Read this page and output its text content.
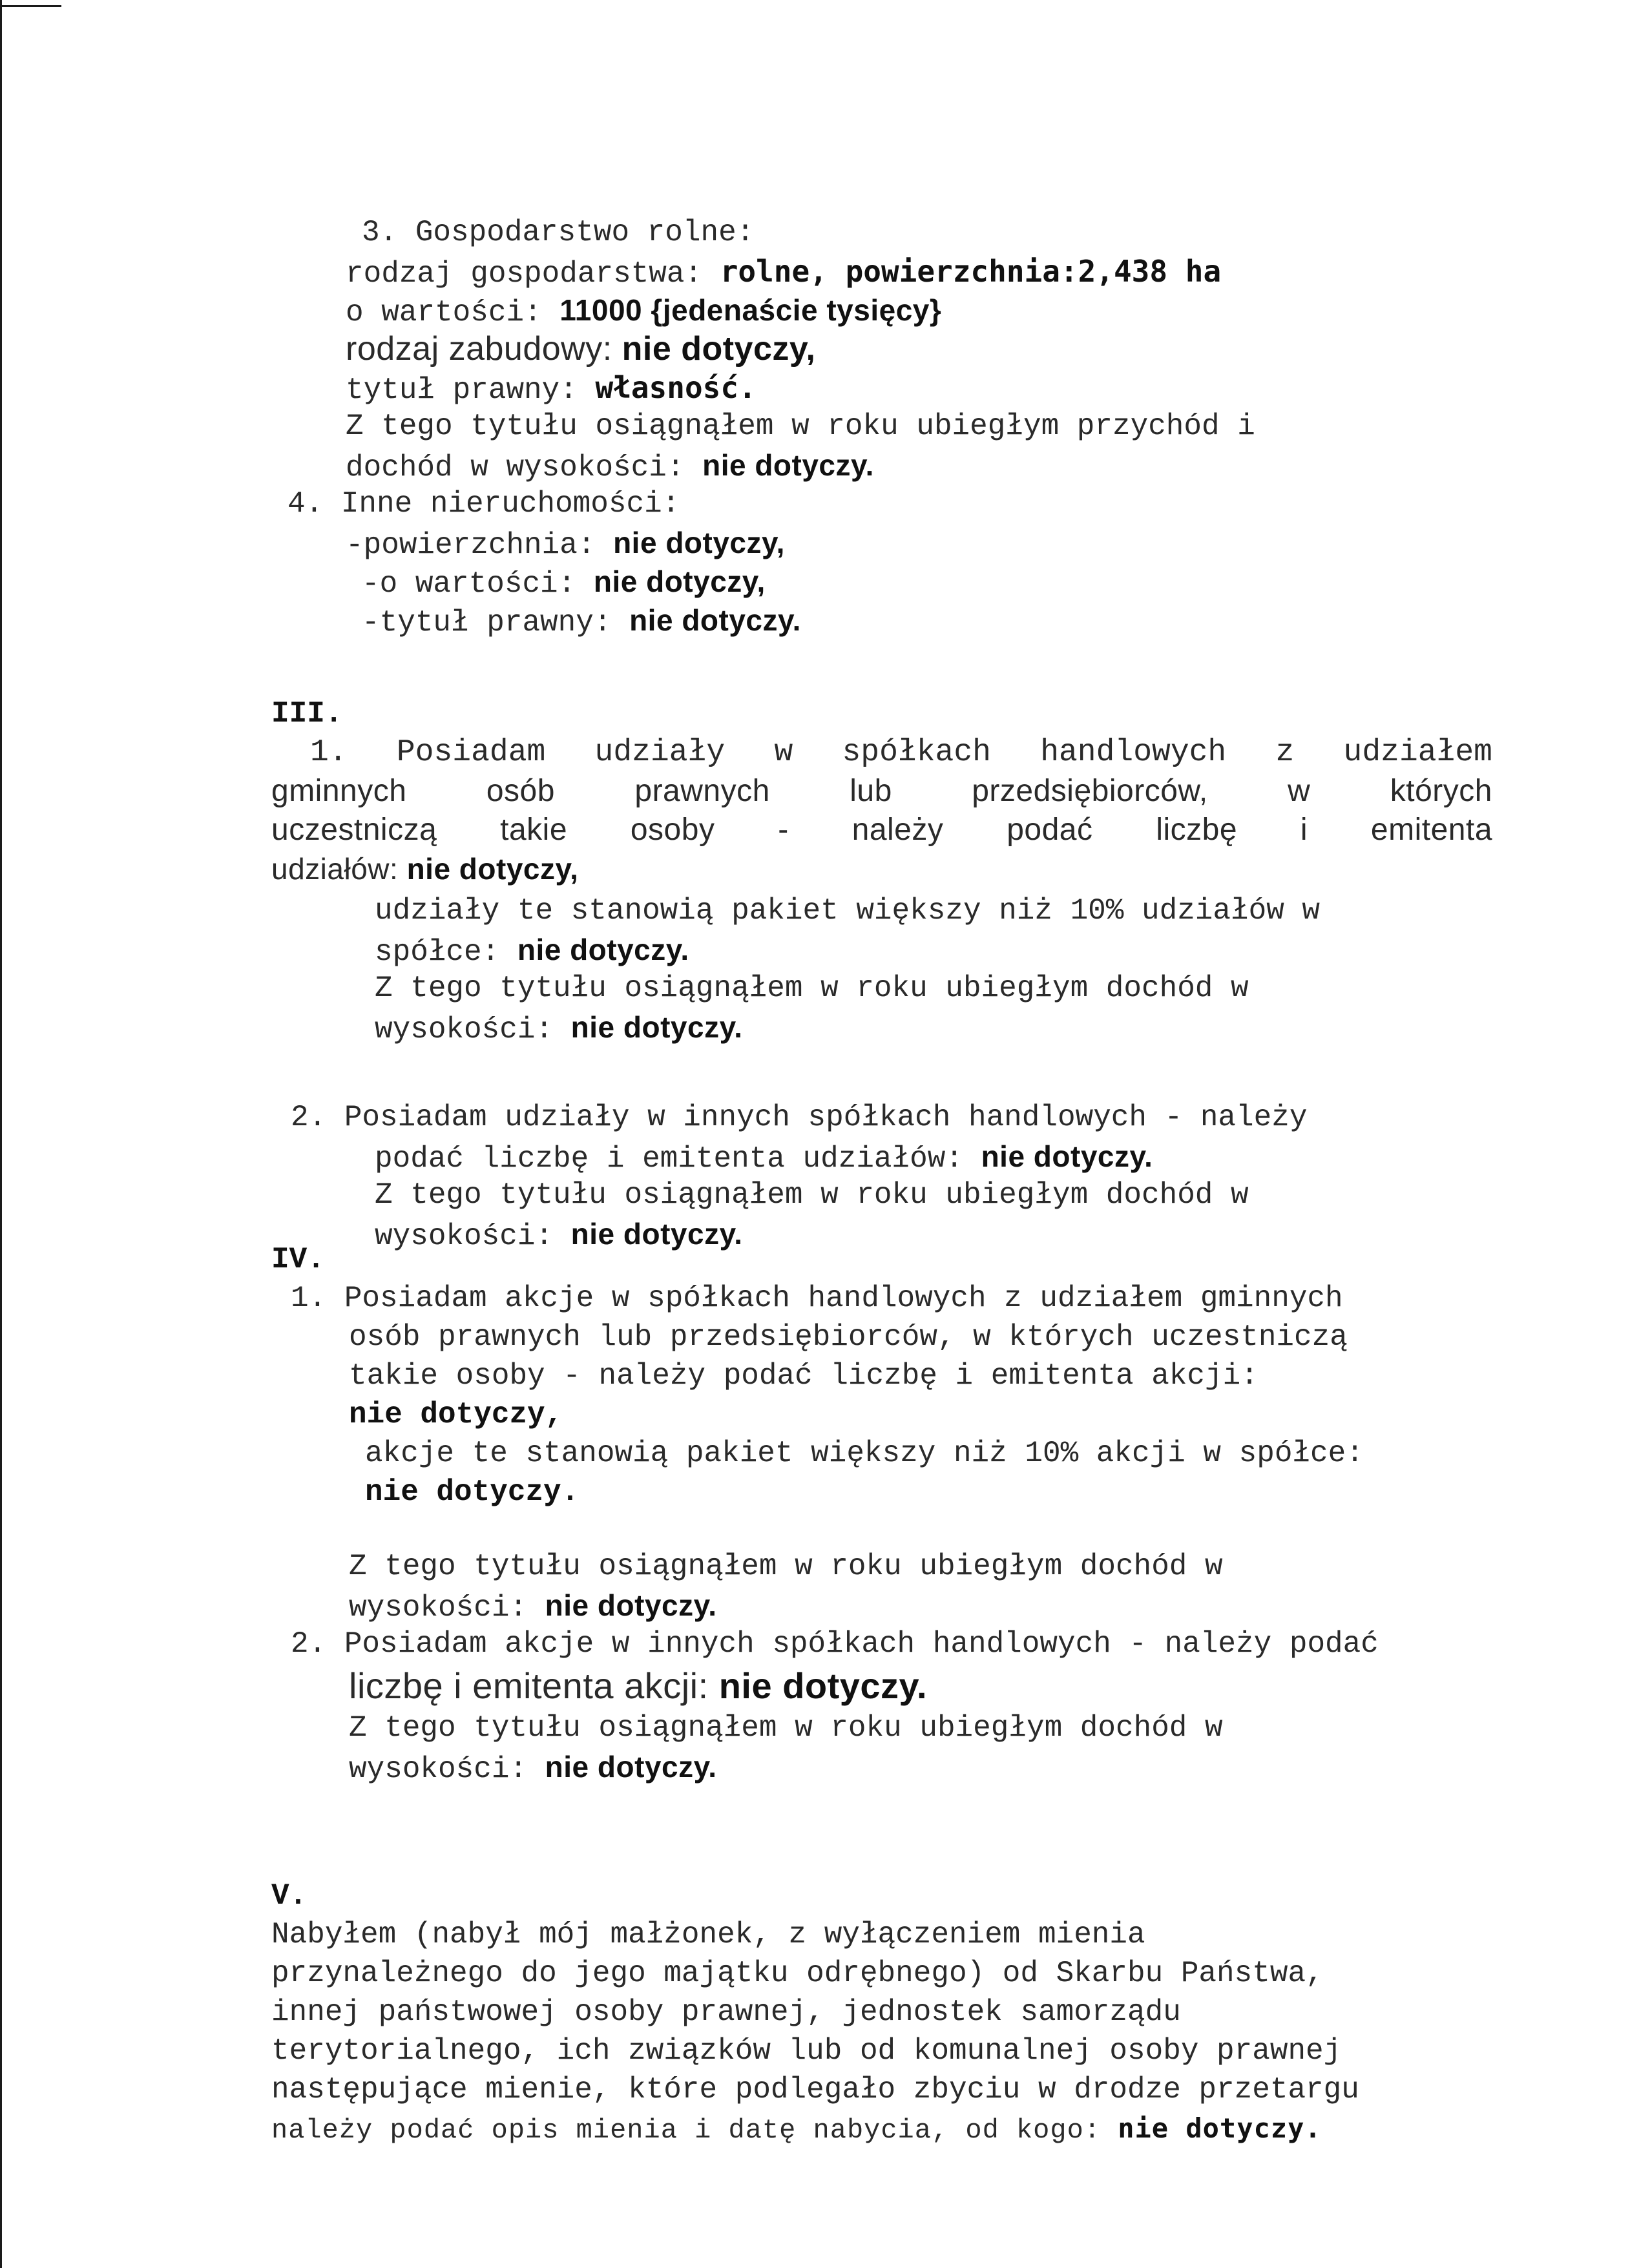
3. Gospodarstwo rolne:
rodzaj gospodarstwa: rolne, powierzchnia:2,438 ha
o wartości: 11000 {jedenaście tysięcy}
rodzaj zabudowy: nie dotyczy,
tytuł prawny: własność.
Z tego tytułu osiągnąłem w roku ubiegłym przychód i
dochód w wysokości: nie dotyczy.
4. Inne nieruchomości:
-powierzchnia: nie dotyczy,
-o wartości: nie dotyczy,
-tytuł prawny: nie dotyczy.
III.
1. Posiadam udziały w spółkach handlowych z udziałem
gminnych	osób	prawnych	lub	przedsiębiorców,	w	których
uczestniczą takie osoby - należy podać liczbę i emitenta
udziałów: nie dotyczy,
udziały te stanowią pakiet większy niż 10% udziałów w
spółce: nie dotyczy.
Z tego tytułu osiągnąłem w roku ubiegłym dochód w
wysokości: nie dotyczy.
2. Posiadam udziały w innych spółkach handlowych - należy
podać liczbę i emitenta udziałów: nie dotyczy.
Z tego tytułu osiągnąłem w roku ubiegłym dochód w
wysokości: nie dotyczy.
IV.
1. Posiadam akcje w spółkach handlowych z udziałem gminnych
osób prawnych lub przedsiębiorców, w których uczestniczą
takie osoby - należy podać liczbę i emitenta akcji:
nie dotyczy,
akcje te stanowią pakiet większy niż 10% akcji w spółce:
nie dotyczy.
Z tego tytułu osiągnąłem w roku ubiegłym dochód w
wysokości: nie dotyczy.
2. Posiadam akcje w innych spółkach handlowych - należy podać
liczbę i emitenta akcji: nie dotyczy.
Z tego tytułu osiągnąłem w roku ubiegłym dochód w
wysokości: nie dotyczy.
V.
Nabyłem (nabył mój małżonek, z wyłączeniem mienia
przynależnego do jego majątku odrębnego) od Skarbu Państwa,
innej państwowej osoby prawnej, jednostek samorządu
terytorialnego, ich związków lub od komunalnej osoby prawnej
następujące mienie, które podlegało zbyciu w drodze przetargu
należy podać opis mienia i datę nabycia, od kogo: nie dotyczy.
